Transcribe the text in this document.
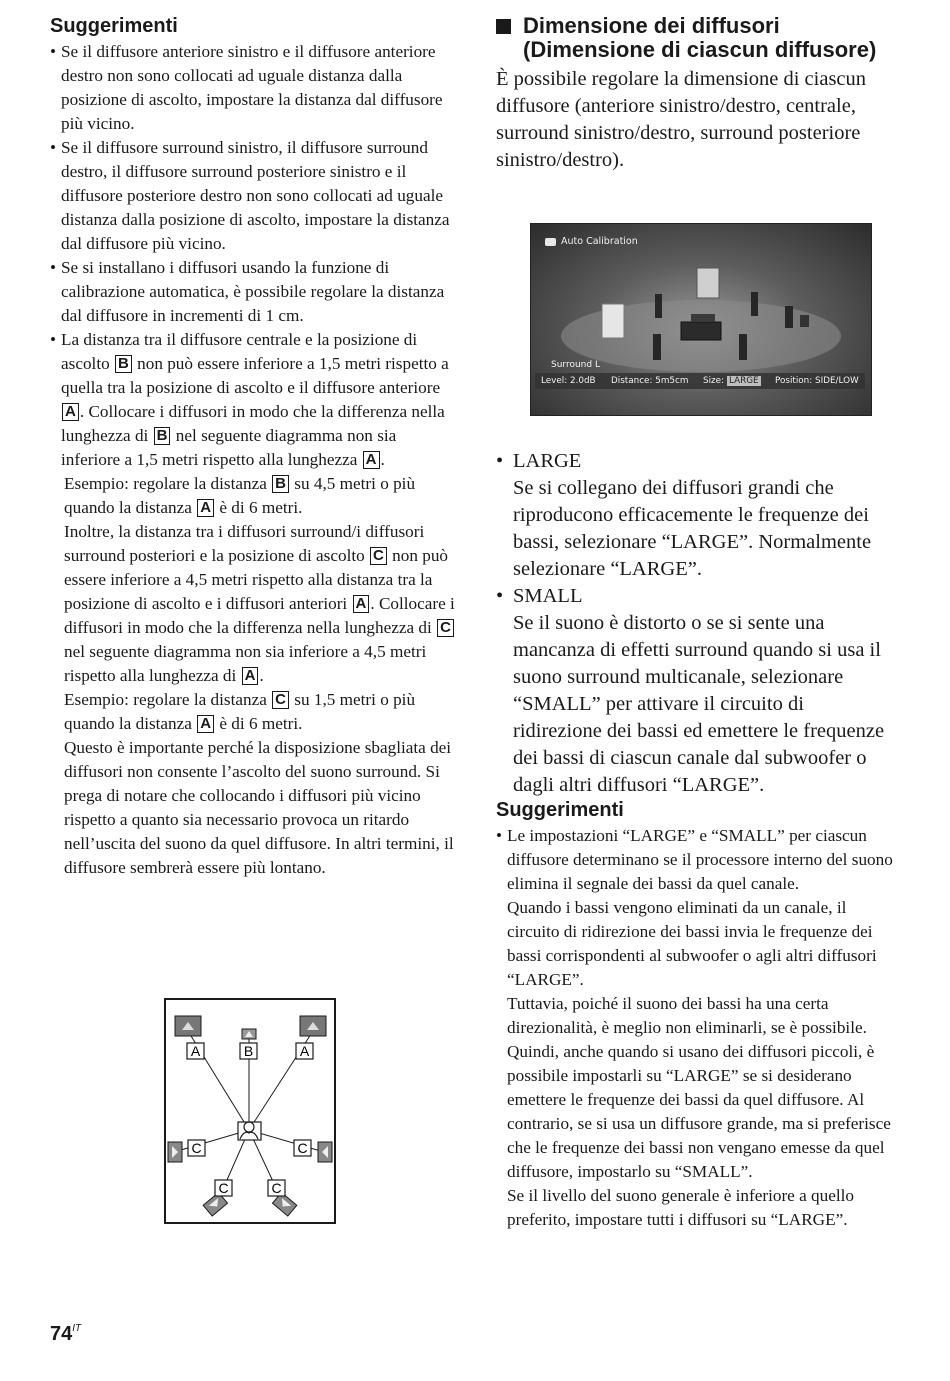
Suggerimenti
• Se il diffusore anteriore sinistro e il diffusore anteriore destro non sono collocati ad uguale distanza dalla posizione di ascolto, impostare la distanza dal diffusore più vicino.
• Se il diffusore surround sinistro, il diffusore surround destro, il diffusore surround posteriore sinistro e il diffusore posteriore destro non sono collocati ad uguale distanza dalla posizione di ascolto, impostare la distanza dal diffusore più vicino.
• Se si installano i diffusori usando la funzione di calibrazione automatica, è possibile regolare la distanza dal diffusore in incrementi di 1 cm.
• La distanza tra il diffusore centrale e la posizione di ascolto B non può essere inferiore a 1,5 metri rispetto a quella tra la posizione di ascolto e il diffusore anteriore A . Collocare i diffusori in modo che la differenza nella lunghezza di B nel seguente diagramma non sia inferiore a 1,5 metri rispetto alla lunghezza A .

Esempio: regolare la distanza B su 4,5 metri o più quando la distanza A è di 6 metri.

Inoltre, la distanza tra i diffusori surround/i diffusori surround posteriori e la posizione di ascolto C non può essere inferiore a 4,5 metri rispetto alla distanza tra la posizione di ascolto e i diffusori anteriori A . Collocare i diffusori in modo che la differenza nella lunghezza di C nel seguente diagramma non sia inferiore a 4,5 metri rispetto alla lunghezza di A .

Esempio: regolare la distanza C su 1,5 metri o più quando la distanza A è di 6 metri.

Questo è importante perché la disposizione sbagliata dei diffusori non consente l’ascolto del suono surround. Si prega di notare che collocando i diffusori più vicino rispetto a quanto sia necessario provoca un ritardo nell’uscita del suono da quel diffusore. In altri termini, il diffusore sembrerà essere più lontano.

A	B	A
C	C
C	C
Dimensione dei diffusori (Dimensione di ciascun diffusore)

È possibile regolare la dimensione di ciascun diffusore (anteriore sinistro/destro, centrale, surround sinistro/destro, surround posteriore sinistro/destro).

Auto Calibration
Surround L
Level: 2.0dB Distance: 5m5cm Size: LARGE Position: SIDE/LOW
• LARGE

Se si collegano dei diffusori grandi che riproducono efficacemente le frequenze dei bassi, selezionare “LARGE”. Normalmente selezionare “LARGE”.

• SMALL

Se il suono è distorto o se si sente una mancanza di effetti surround quando si usa il suono surround multicanale, selezionare “SMALL” per attivare il circuito di ridirezione dei bassi ed emettere le frequenze dei bassi di ciascun canale dal subwoofer o dagli altri diffusori “LARGE”.

Suggerimenti
• Le impostazioni “LARGE” e “SMALL” per ciascun diffusore determinano se il processore interno del suono elimina il segnale dei bassi da quel canale.

Quando i bassi vengono eliminati da un canale, il circuito di ridirezione dei bassi invia le frequenze dei bassi corrispondenti al subwoofer o agli altri diffusori “LARGE”.

Tuttavia, poiché il suono dei bassi ha una certa direzionalità, è meglio non eliminarli, se è possibile. Quindi, anche quando si usano dei diffusori piccoli, è possibile impostarli su “LARGE” se si desiderano emettere le frequenze dei bassi da quel diffusore. Al contrario, se si usa un diffusore grande, ma si preferisce che le frequenze dei bassi non vengano emesse da quel diffusore, impostarlo su “SMALL”.

Se il livello del suono generale è inferiore a quello preferito, impostare tutti i diffusori su “LARGE”.

$74^{IT}$
